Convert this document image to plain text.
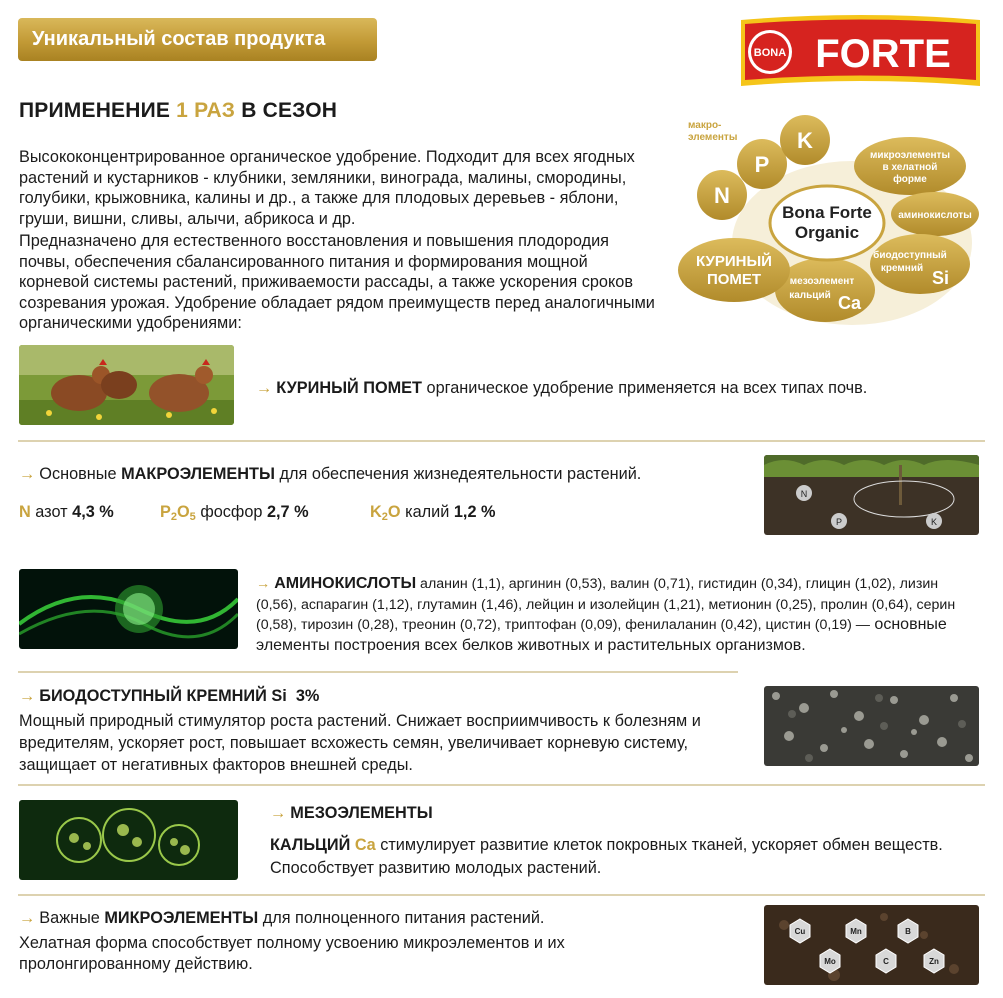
Уникальный состав продукта
BONA FORTE
ПРИМЕНЕНИЕ 1 РАЗ В СЕЗОН
Высококонцентрированное органическое удобрение. Подходит для всех ягодных растений и кустарников - клубники, земляники, винограда, малины, смородины, голубики, крыжовника, калины и др., а также для плодовых деревьев - яблони, груши, вишни, сливы, алычи, абрикоса и др.
Предназначено для естественного восстановления и повышения плодородия почвы, обеспечения сбалансированного питания и формирования мощной корневой системы растений, приживаемости рассады, а также ускорения сроков созревания урожая. Удобрение обладает рядом преимуществ перед аналогичными органическими удобрениями:
макро-
элементы
N
P
K
микроэлементы
в хелатной
форме
аминокислоты
биодоступный
кремний Si
мезоэлемент
кальций Ca
КУРИНЫЙ
ПОМЕТ
Bona Forte
Organic
→ КУРИНЫЙ ПОМЕТ органическое удобрение применяется на всех типах почв.
→ Основные МАКРОЭЛЕМЕНТЫ для обеспечения жизнедеятельности растений.
N азот 4,3 %	$P_2O_5$ фосфор 2,7 %	$K_2O$ калий 1,2 %
N
P	K
→ АМИНОКИСЛОТЫ аланин (1,1), аргинин (0,53), валин (0,71), гистидин (0,34), глицин (1,02), лизин (0,56), аспарагин (1,12), глутамин (1,46), лейцин и изолейцин (1,21), метионин (0,25), пролин (0,64), серин (0,58), тирозин (0,28), треонин (0,72), триптофан (0,09), фенилаланин (0,42), цистин (0,19) — основные элементы построения всех белков животных и растительных организмов.
→ БИОДОСТУПНЫЙ КРЕМНИЙ Si 3%
Мощный природный стимулятор роста растений. Снижает восприимчивость к болезням и вредителям, ускоряет рост, повышает всхожесть семян, увеличивает корневую систему, защищает от негативных факторов внешней среды.
→ МЕЗОЭЛЕМЕНТЫ
КАЛЬЦИЙ Ca стимулирует развитие клеток покровных тканей, ускоряет обмен веществ. Способствует развитию молодых растений.
→ Важные МИКРОЭЛЕМЕНТЫ для полноценного питания растений.
Хелатная форма способствует полному усвоению микроэлементов и их пролонгированному действию.
Cu	Mn	B
Mo	C	Zn
